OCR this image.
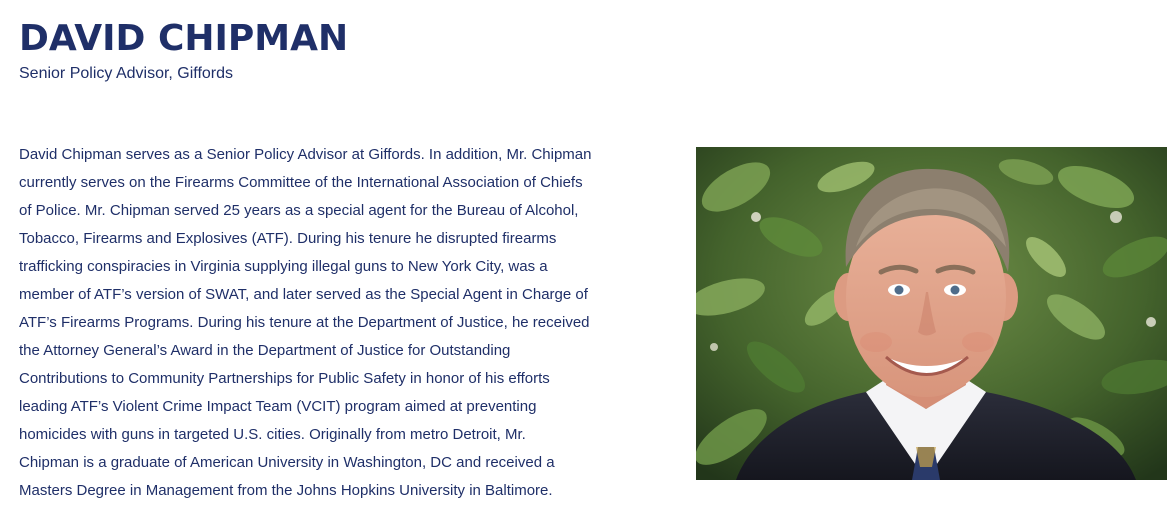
DAVID CHIPMAN
Senior Policy Advisor, Giffords
David Chipman serves as a Senior Policy Advisor at Giffords. In addition, Mr. Chipman
currently serves on the Firearms Committee of the International Association of Chiefs
of Police. Mr. Chipman served 25 years as a special agent for the Bureau of Alcohol,
Tobacco, Firearms and Explosives (ATF). During his tenure he disrupted firearms
trafficking conspiracies in Virginia supplying illegal guns to New York City, was a
member of ATF’s version of SWAT, and later served as the Special Agent in Charge of
ATF’s Firearms Programs. During his tenure at the Department of Justice, he received
the Attorney General’s Award in the Department of Justice for Outstanding
Contributions to Community Partnerships for Public Safety in honor of his efforts
leading ATF’s Violent Crime Impact Team (VCIT) program aimed at preventing
homicides with guns in targeted U.S. cities. Originally from metro Detroit, Mr.
Chipman is a graduate of American University in Washington, DC and received a
Masters Degree in Management from the Johns Hopkins University in Baltimore.
